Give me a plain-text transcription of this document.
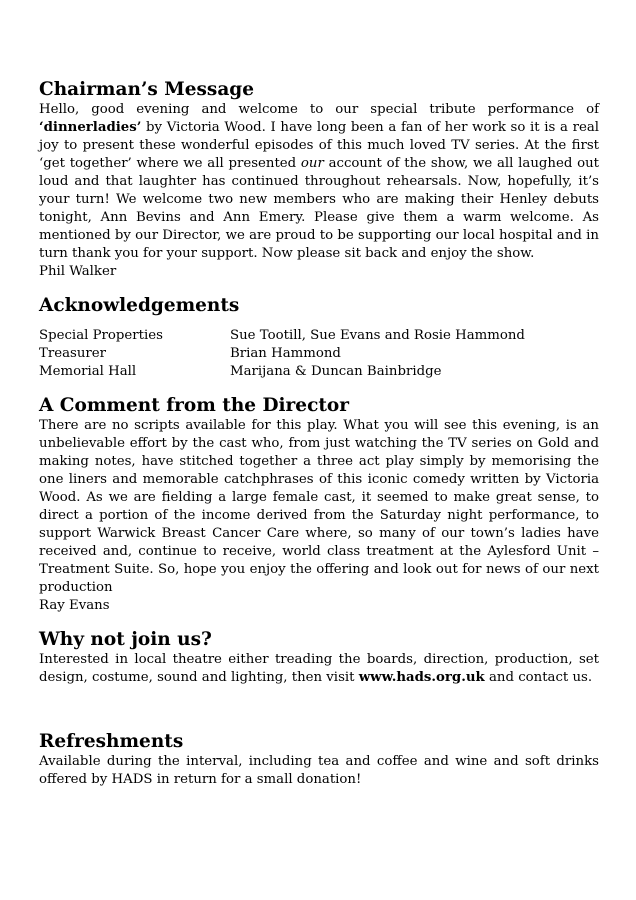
Chairman’s Message

Hello, good evening and welcome to our special tribute performance of ‘dinnerladies’ by Victoria Wood. I have long been a fan of her work so it is a real joy to present these wonderful episodes of this much loved TV series. At the first ‘get together’ where we all presented our account of the show, we all laughed out loud and that laughter has continued throughout rehearsals. Now, hopefully, it’s your turn! We welcome two new members who are making their Henley debuts tonight, Ann Bevins and Ann Emery. Please give them a warm welcome. As mentioned by our Director, we are proud to be supporting our local hospital and in turn thank you for your support. Now please sit back and enjoy the show.

Phil Walker
Acknowledgements
Special Properties	Sue Tootill, Sue Evans and Rosie Hammond
Treasurer	Brian Hammond
Memorial Hall	Marijana & Duncan Bainbridge
A Comment from the Director

There are no scripts available for this play. What you will see this evening, is an unbelievable effort by the cast who, from just watching the TV series on Gold and making notes, have stitched together a three act play simply by memorising the one liners and memorable catchphrases of this iconic comedy written by Victoria Wood. As we are fielding a large female cast, it seemed to make great sense, to direct a portion of the income derived from the Saturday night performance, to support Warwick Breast Cancer Care where, so many of our town’s ladies have received and, continue to receive, world class treatment at the Aylesford Unit – Treatment Suite. So, hope you enjoy the offering and look out for news of our next production

Ray Evans
Why not join us?

Interested in local theatre either treading the boards, direction, production, set design, costume, sound and lighting, then visit www.hads.org.uk and contact us.

Refreshments

Available during the interval, including tea and coffee and wine and soft drinks offered by HADS in return for a small donation!
